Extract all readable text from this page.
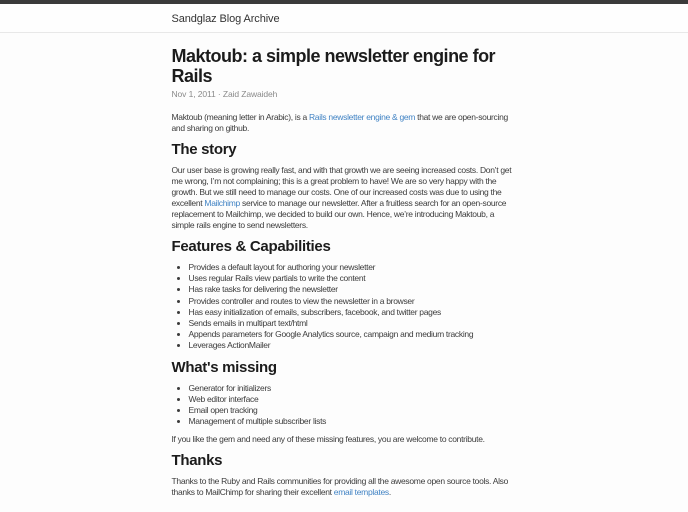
Sandglaz Blog Archive
Maktoub: a simple newsletter engine for Rails

Nov 1, 2011 · Zaid Zawaideh

Maktoub (meaning letter in Arabic), is a Rails newsletter engine & gem that we are open-sourcing and sharing on github.

The story

Our user base is growing really fast, and with that growth we are seeing increased costs. Don’t get me wrong, I’m not complaining; this is a great problem to have! We are so very happy with the growth. But we still need to manage our costs. One of our increased costs was due to using the excellent Mailchimp service to manage our newsletter. After a fruitless search for an open-source replacement to Mailchimp, we decided to build our own. Hence, we’re introducing Maktoub, a simple rails engine to send newsletters.

Features & Capabilities
• Provides a default layout for authoring your newsletter
• Uses regular Rails view partials to write the content
• Has rake tasks for delivering the newsletter
• Provides controller and routes to view the newsletter in a browser
• Has easy initialization of emails, subscribers, facebook, and twitter pages
• Sends emails in multipart text/html
• Appends parameters for Google Analytics source, campaign and medium tracking
• Leverages ActionMailer
What's missing
• Generator for initializers
• Web editor interface
• Email open tracking
• Management of multiple subscriber lists

If you like the gem and need any of these missing features, you are welcome to contribute.

Thanks

Thanks to the Ruby and Rails communities for providing all the awesome open source tools. Also thanks to MailChimp for sharing their excellent email templates.
